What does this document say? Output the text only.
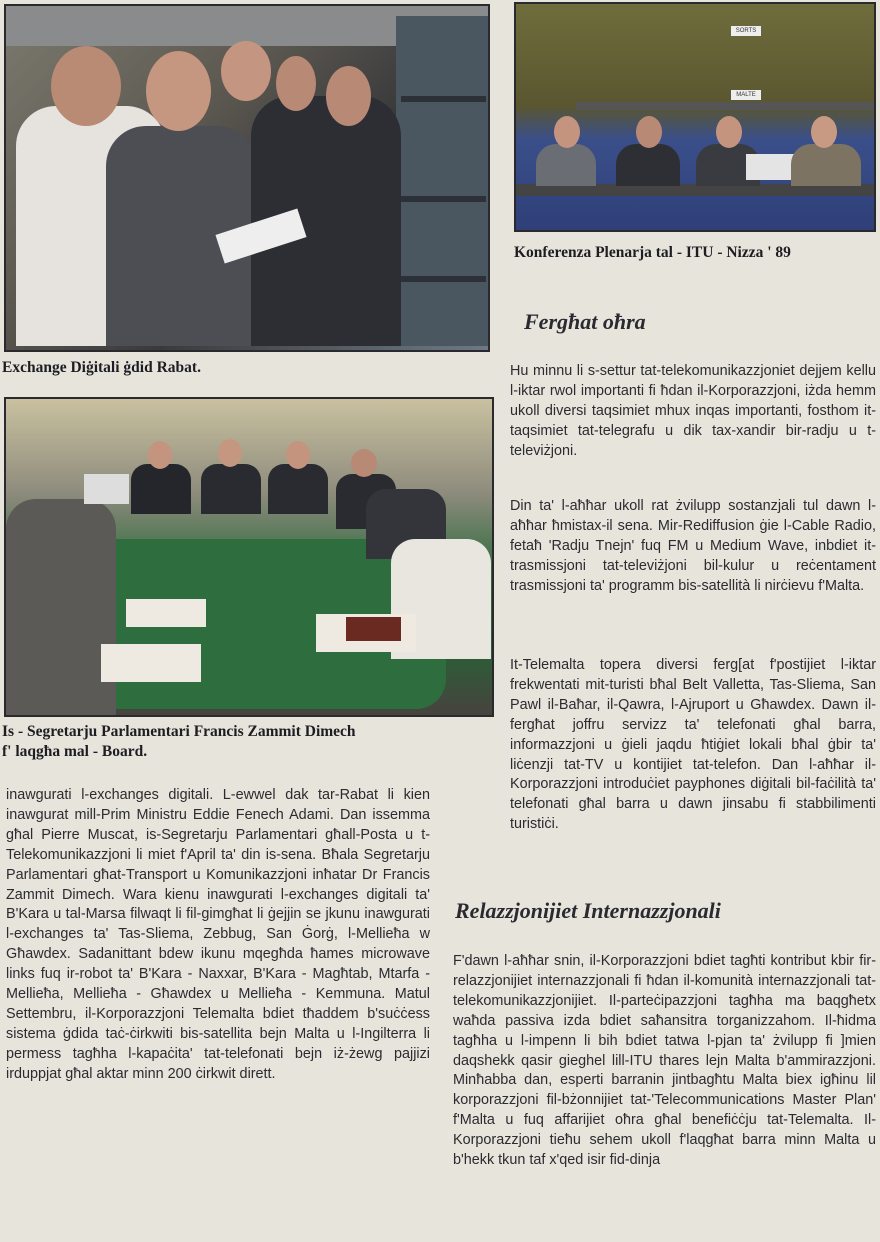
Exchange Diġitali ġdid Rabat.
SORTS
MALTE
Konferenza Plenarja tal - ITU - Nizza ' 89
Is - Segretarju Parlamentari Francis Zammit Dimech
f' laqgħa mal - Board.
Fergħat oħra

Hu minnu li s-settur tat-telekomunikazzjoniet dejjem kellu l-iktar rwol importanti fi ħdan il-Korporazzjoni, iżda hemm ukoll diversi taqsimiet mhux inqas importanti, fosthom it-taqsimiet tat-telegrafu u dik tax-xandir bir-radju u t-televiżjoni.

Din ta' l-aħħar ukoll rat żvilupp sostanzjali tul dawn l-aħħar ħmistax-il sena. Mir-Rediffusion ġie l-Cable Radio, fetaħ 'Radju Tnejn' fuq FM u Medium Wave, inbdiet it-trasmissjoni tat-televiżjoni bil-kulur u reċentament trasmissjoni ta' programm bis-satellità li nirċievu f'Malta.

It-Telemalta topera diversi ferg[at f'postijiet l-iktar frekwentati mit-turisti bħal Belt Valletta, Tas-Sliema, San Pawl il-Baħar, il-Qawra, l-Ajruport u Għawdex. Dawn il-fergħat joffru servizz ta' telefonati għal barra, informazzjoni u ġieli jaqdu ħtiġiet lokali bħal ġbir ta' liċenzji tat-TV u kontijiet tat-telefon. Dan l-aħħar il-Korporazzjoni introduċiet payphones diġitali bil-faċilità ta' telefonati għal barra u dawn jinsabu fi stabbilimenti turistiċi.

Relazzjonijiet Internazzjonali

F'dawn l-aħħar snin, il-Korporazzjoni bdiet tagħti kontribut kbir fir-relazzjonijiet internazzjonali fi ħdan il-komunità internazzjonali tat-telekomunikazzjonijiet. Il-parteċipazzjoni tagħha ma baqgħetx waħda passiva izda bdiet saħansitra torganizzahom. Il-ħidma tagħha u l-impenn li bih bdiet tatwa l-pjan ta' żvilupp fi ]mien daqshekk qasir gieghel lill-ITU thares lejn Malta b'ammirazzjoni. Minħabba dan, esperti barranin jintbagħtu Malta biex igħinu lil korporazzjoni fil-bżonnijiet tat-'Telecommunications Master Plan' f'Malta u fuq affarijiet oħra għal benefiċċju tat-Telemalta. Il-Korporazzjoni tieħu sehem ukoll f'laqgħat barra minn Malta u b'hekk tkun taf x'qed isir fid-dinja

inawgurati l-exchanges digitali. L-ewwel dak tar-Rabat li kien inawgurat mill-Prim Ministru Eddie Fenech Adami. Dan issemma għal Pierre Muscat, is-Segretarju Parlamentari għall-Posta u t-Telekomunikazzjoni li miet f'April ta' din is-sena. Bħala Segretarju Parlamentari għat-Transport u Komunikazzjoni inħatar Dr Francis Zammit Dimech. Wara kienu inawgurati l-exchanges digitali ta' B'Kara u tal-Marsa filwaqt li fil-gimgħat li ġejjin se jkunu inawgurati l-exchanges ta' Tas-Sliema, Zebbug, San Ġorġ, l-Mellieħa w Għawdex. Sadanittant bdew ikunu mqegħda ħames microwave links fuq ir-robot ta' B'Kara - Naxxar, B'Kara - Magħtab, Mtarfa - Mellieħa, Mellieħa - Għawdex u Mellieħa - Kemmuna. Matul Settembru, il-Korporazzjoni Telemalta bdiet tħaddem b'suċċess sistema ġdida taċ-ċirkwiti bis-satellita bejn Malta u l-Ingilterra li permess tagħha l-kapaċita' tat-telefonati bejn iż-żewg pajjizi irduppjat għal aktar minn 200 ċirkwit dirett.
